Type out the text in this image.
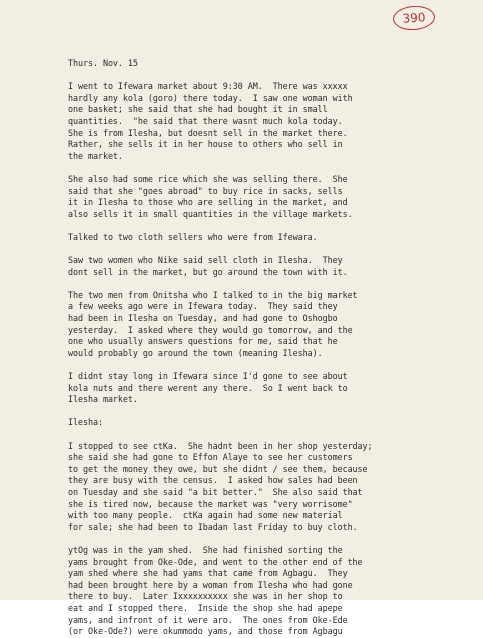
390
Thurs. Nov. 15
I went to Ifewara market about 9:30 AM.  There was xxxxx
hardly any kola (goro) there today.  I saw one woman with
one basket; she said that she had bought it in small
quantities.  "he said that there wasnt much kola today.
She is from Ilesha, but doesnt sell in the market there.
Rather, she sells it in her house to others who sell in
the market.
She also had some rice which she was selling there.  She
said that she "goes abroad" to buy rice in sacks, sells
it in Ilesha to those who are selling in the market, and
also sells it in small quantities in the village markets.
Talked to two cloth sellers who were from Ifewara.
Saw two women who Nike said sell cloth in Ilesha.  They
dont sell in the market, but go around the town with it.
The two men from Onitsha who I talked to in the big market
a few weeks ago were in Ifewara today.  They said they
had been in Ilesha on Tuesday, and had gone to Oshogbo
yesterday.  I asked where they would go tomorrow, and the
one who usually answers questions for me, said that he
would probably go around the town (meaning Ilesha).
I didnt stay long in Ifewara since I'd gone to see about
kola nuts and there werent any there.  So I went back to
Ilesha market.
Ilesha:
I stopped to see ctKa.  She hadnt been in her shop yesterday;
she said she had gone to Effon Alaye to see her customers
to get the money they owe, but she didnt / see them, because
they are busy with the census.  I asked how sales had been
on Tuesday and she said "a bit better."  She also said that
she is tired now, because the market was "very worrisome"
with too many people.  ctKa again had some new material
for sale; she had been to Ibadan last Friday to buy cloth.
ytOg was in the yam shed.  She had finished sorting the
yams brought from Oke-Ode, and went to the other end of the
yam shed where she had yams that came from Agbagu.  They
had been brought here by a woman from Ilesha who had gone
there to buy.  Later Ixxxxxxxxxx she was in her shop to
eat and I stopped there.  Inside the shop she had apepe
yams, and infront of it were aro.  The ones from Oke-Ede
(or Oke-Ode?) were okummodo yams, and those from Agbagu
